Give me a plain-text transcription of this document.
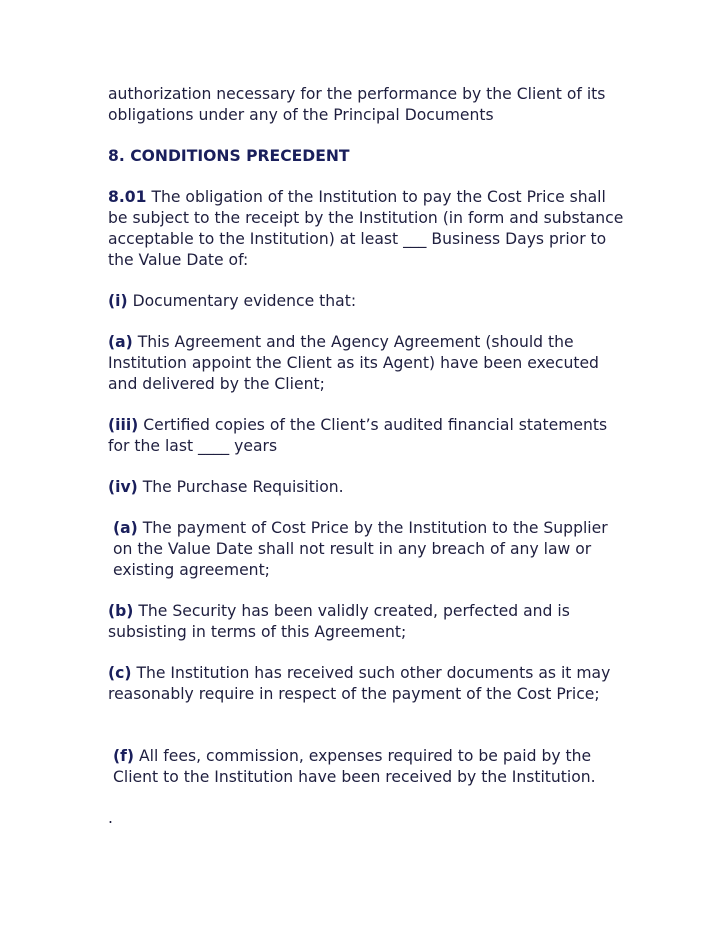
authorization necessary for the performance by the Client of its obligations under any of the Principal Documents

8. CONDITIONS PRECEDENT

8.01 The obligation of the Institution to pay the Cost Price shall be subject to the receipt by the Institution (in form and substance acceptable to the Institution) at least ___ Business Days prior to the Value Date of:

(i) Documentary evidence that:

(a) This Agreement and the Agency Agreement (should the Institution appoint the Client as its Agent) have been executed and delivered by the Client;

(iii) Certified copies of the Client’s audited financial statements for the last ____ years

(iv) The Purchase Requisition.

(a) The payment of Cost Price by the Institution to the Supplier on the Value Date shall not result in any breach of any law or existing agreement;

(b) The Security has been validly created, perfected and is subsisting in terms of this Agreement;

(c) The Institution has received such other documents as it may reasonably require in respect of the payment of the Cost Price;

(f) All fees, commission, expenses required to be paid by the Client to the Institution have been received by the Institution.

.
